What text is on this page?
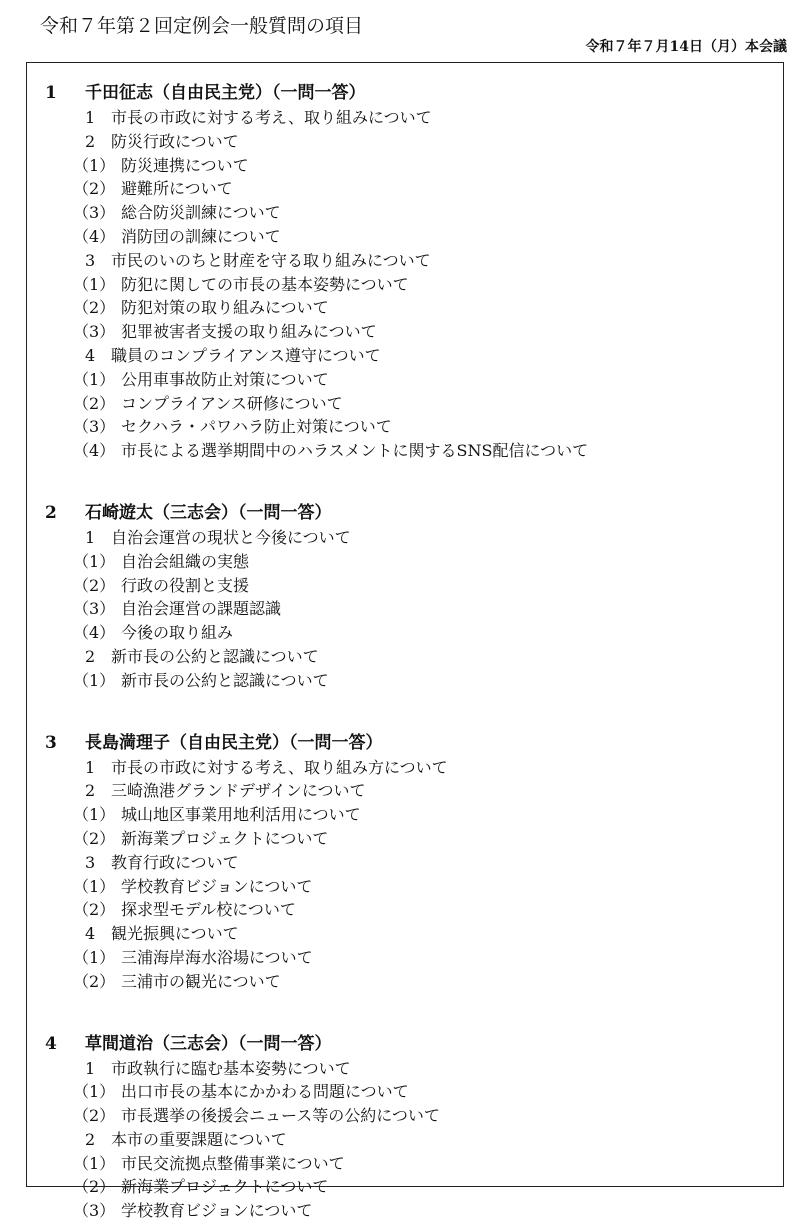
令和７年第２回定例会一般質問の項目
令和７年７月14日（月）本会議
1 千田征志（自由民主党）（一問一答）
1 市長の市政に対する考え、取り組みについて
2 防災行政について
（1） 防災連携について
（2） 避難所について
（3） 総合防災訓練について
（4） 消防団の訓練について
3 市民のいのちと財産を守る取り組みについて
（1） 防犯に関しての市長の基本姿勢について
（2） 防犯対策の取り組みについて
（3） 犯罪被害者支援の取り組みについて
4 職員のコンプライアンス遵守について
（1） 公用車事故防止対策について
（2） コンプライアンス研修について
（3） セクハラ・パワハラ防止対策について
（4） 市長による選挙期間中のハラスメントに関するSNS配信について
2 石崎遊太（三志会）（一問一答）
1 自治会運営の現状と今後について
（1） 自治会組織の実態
（2） 行政の役割と支援
（3） 自治会運営の課題認識
（4） 今後の取り組み
2 新市長の公約と認識について
（1） 新市長の公約と認識について
3 長島満理子（自由民主党）（一問一答）
1 市長の市政に対する考え、取り組み方について
2 三崎漁港グランドデザインについて
（1） 城山地区事業用地利活用について
（2） 新海業プロジェクトについて
3 教育行政について
（1） 学校教育ビジョンについて
（2） 探求型モデル校について
4 観光振興について
（1） 三浦海岸海水浴場について
（2） 三浦市の観光について
4 草間道治（三志会）（一問一答）
1 市政執行に臨む基本姿勢について
（1） 出口市長の基本にかかわる問題について
（2） 市長選挙の後援会ニュース等の公約について
2 本市の重要課題について
（1） 市民交流拠点整備事業について
（2） 新海業プロジェクトについて
（3） 学校教育ビジョンについて
